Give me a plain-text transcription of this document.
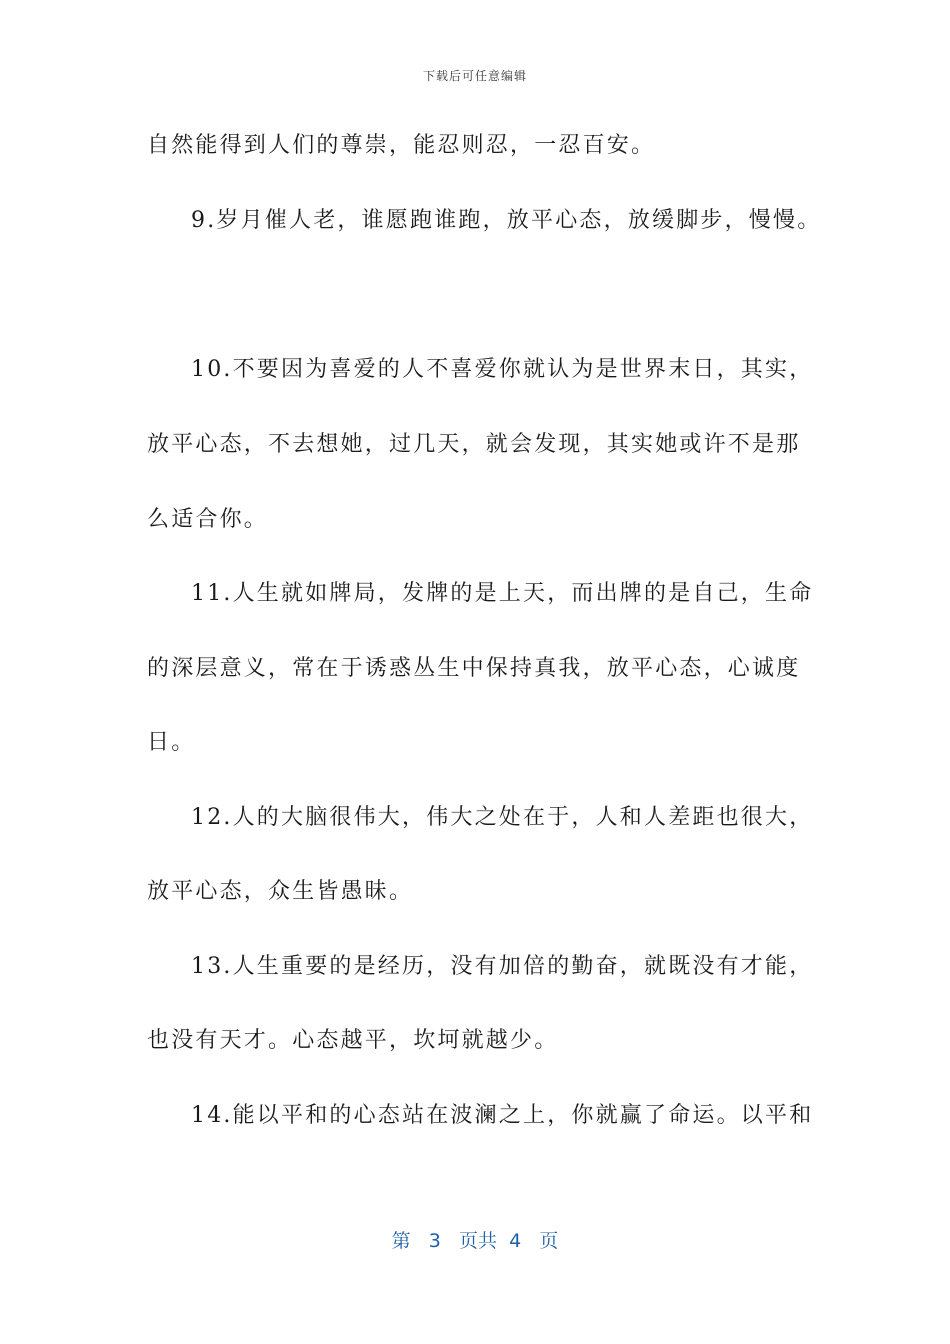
下载后可任意编辑
自然能得到人们的尊崇，能忍则忍，一忍百安。
9.岁月催人老，谁愿跑谁跑，放平心态，放缓脚步，慢慢。
10.不要因为喜爱的人不喜爱你就认为是世界末日，其实，
放平心态，不去想她，过几天，就会发现，其实她或许不是那
么适合你。
11.人生就如牌局，发牌的是上天，而出牌的是自己，生命
的深层意义，常在于诱惑丛生中保持真我，放平心态，心诚度
日。
12.人的大脑很伟大，伟大之处在于，人和人差距也很大，
放平心态，众生皆愚昧。
13.人生重要的是经历，没有加倍的勤奋，就既没有才能，
也没有天才。心态越平，坎坷就越少。
14.能以平和的心态站在波澜之上，你就赢了命运。以平和
第 3 页共 4 页
